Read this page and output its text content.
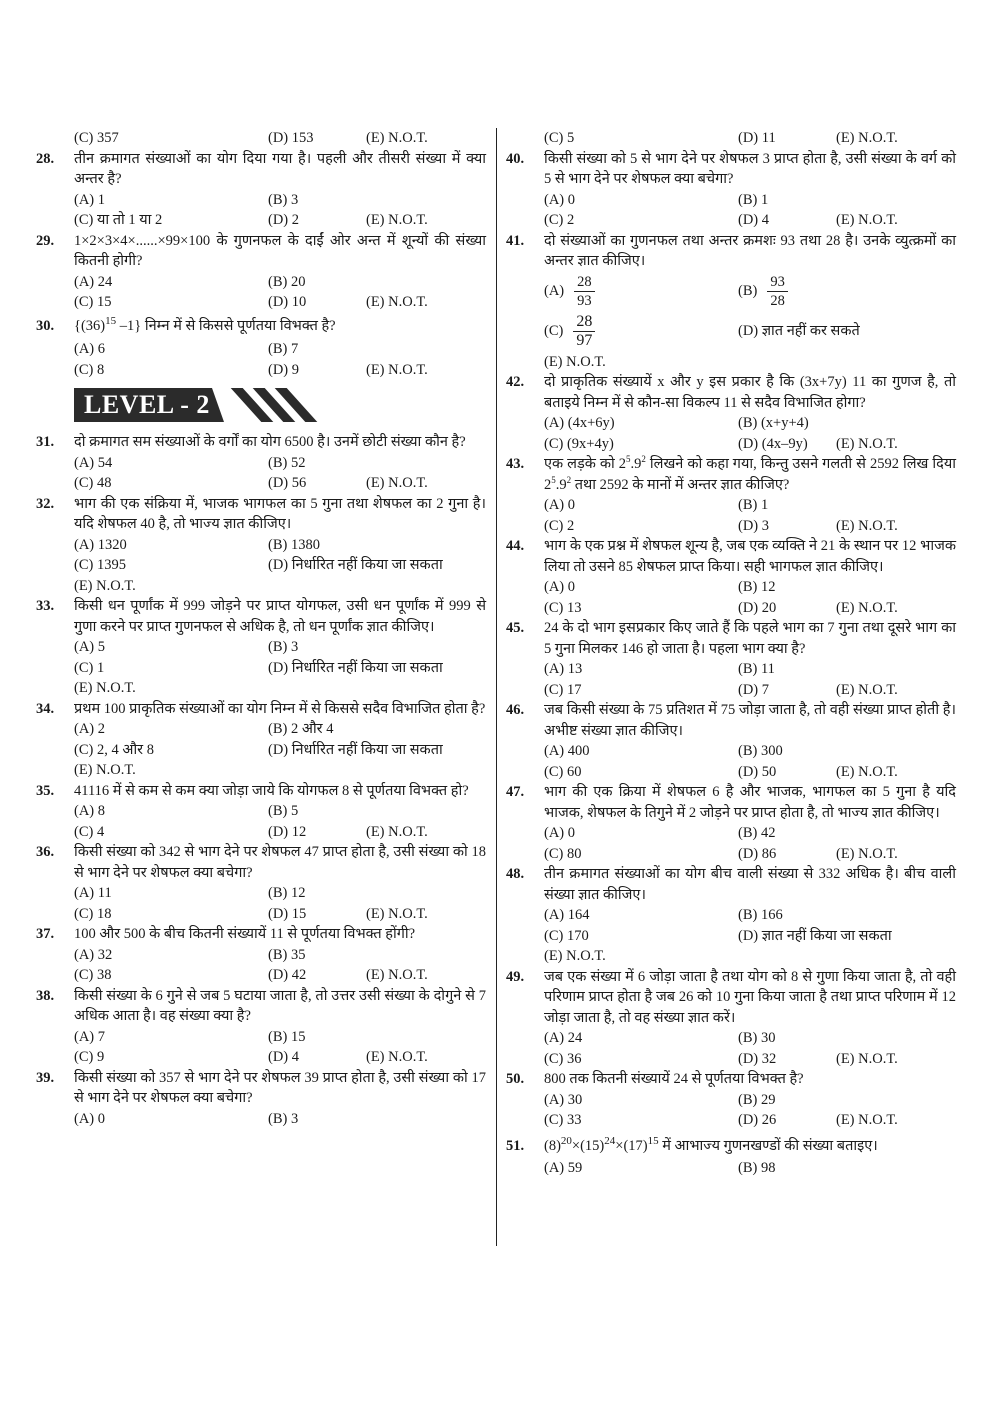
(C) 357	(D) 153	(E) N.O.T.
28. तीन क्रमागत संख्याओं का योग दिया गया है। पहली और तीसरी संख्या में क्या अन्तर है?
(A) 1	(B) 3
(C) या तो 1 या 2	(D) 2	(E) N.O.T.
29. 1×2×3×4×......×99×100 के गुणनफल के दाईं ओर अन्त में शून्यों की संख्या कितनी होगी?
(A) 24	(B) 20
(C) 15	(D) 10	(E) N.O.T.
30. {$(36)^{15}$ –1} निम्न में से किससे पूर्णतया विभक्त है?
(A) 6	(B) 7
(C) 8	(D) 9	(E) N.O.T.
LEVEL - 2
31. दो क्रमागत सम संख्याओं के वर्गों का योग 6500 है। उनमें छोटी संख्या कौन है?
(A) 54	(B) 52
(C) 48	(D) 56	(E) N.O.T.
32. भाग की एक संक्रिया में, भाजक भागफल का 5 गुना तथा शेषफल का 2 गुना है। यदि शेषफल 40 है, तो भाज्य ज्ञात कीजिए।
(A) 1320	(B) 1380
(C) 1395	(D) निर्धारित नहीं किया जा सकता
(E) N.O.T.
33. किसी धन पूर्णांक में 999 जोड़ने पर प्राप्त योगफल, उसी धन पूर्णांक में 999 से गुणा करने पर प्राप्त गुणनफल से अधिक है, तो धन पूर्णांक ज्ञात कीजिए।
(A) 5	(B) 3
(C) 1	(D) निर्धारित नहीं किया जा सकता
(E) N.O.T.
34. प्रथम 100 प्राकृतिक संख्याओं का योग निम्न में से किससे सदैव विभाजित होता है?
(A) 2	(B) 2 और 4
(C) 2, 4 और 8	(D) निर्धारित नहीं किया जा सकता
(E) N.O.T.
35. 41116 में से कम से कम क्या जोड़ा जाये कि योगफल 8 से पूर्णतया विभक्त हो?
(A) 8	(B) 5
(C) 4	(D) 12	(E) N.O.T.
36. किसी संख्या को 342 से भाग देने पर शेषफल 47 प्राप्त होता है, उसी संख्या को 18 से भाग देने पर शेषफल क्या बचेगा?
(A) 11	(B) 12
(C) 18	(D) 15	(E) N.O.T.
37. 100 और 500 के बीच कितनी संख्यायें 11 से पूर्णतया विभक्त होंगी?
(A) 32	(B) 35
(C) 38	(D) 42	(E) N.O.T.
38. किसी संख्या के 6 गुने से जब 5 घटाया जाता है, तो उत्तर उसी संख्या के दोगुने से 7 अधिक आता है। वह संख्या क्या है?
(A) 7	(B) 15
(C) 9	(D) 4	(E) N.O.T.
39. किसी संख्या को 357 से भाग देने पर शेषफल 39 प्राप्त होता है, उसी संख्या को 17 से भाग देने पर शेषफल क्या बचेगा?
(A) 0	(B) 3
(C) 5	(D) 11	(E) N.O.T.
40. किसी संख्या को 5 से भाग देने पर शेषफल 3 प्राप्त होता है, उसी संख्या के वर्ग को 5 से भाग देने पर शेषफल क्या बचेगा?
(A) 0	(B) 1
(C) 2	(D) 4	(E) N.O.T.
41. दो संख्याओं का गुणनफल तथा अन्तर क्रमशः 93 तथा 28 है। उनके व्युत्क्रमों का अन्तर ज्ञात कीजिए।
$(A) \frac{28}{93}$	$(B) \frac{93}{28}$
$(C) \frac{28}{97}$	(D) ज्ञात नहीं कर सकते
(E) N.O.T.
42. दो प्राकृतिक संख्यायें x और y इस प्रकार है कि (3x+7y) 11 का गुणज है, तो बताइये निम्न में से कौन-सा विकल्प 11 से सदैव विभाजित होगा?
(A) (4x+6y)	(B) (x+y+4)
(C) (9x+4y)	(D) (4x–9y)	(E) N.O.T.
43. एक लड़के को $2^5.9^2$ लिखने को कहा गया, किन्तु उसने गलती से 2592 लिख दिया $2^5.9^2$ तथा 2592 के मानों में अन्तर ज्ञात कीजिए?
(A) 0	(B) 1
(C) 2	(D) 3	(E) N.O.T.
44. भाग के एक प्रश्न में शेषफल शून्य है, जब एक व्यक्ति ने 21 के स्थान पर 12 भाजक लिया तो उसने 85 शेषफल प्राप्त किया। सही भागफल ज्ञात कीजिए।
(A) 0	(B) 12
(C) 13	(D) 20	(E) N.O.T.
45. 24 के दो भाग इसप्रकार किए जाते हैं कि पहले भाग का 7 गुना तथा दूसरे भाग का 5 गुना मिलकर 146 हो जाता है। पहला भाग क्या है?
(A) 13	(B) 11
(C) 17	(D) 7	(E) N.O.T.
46. जब किसी संख्या के 75 प्रतिशत में 75 जोड़ा जाता है, तो वही संख्या प्राप्त होती है। अभीष्ट संख्या ज्ञात कीजिए।
(A) 400	(B) 300
(C) 60	(D) 50	(E) N.O.T.
47. भाग की एक क्रिया में शेषफल 6 है और भाजक, भागफल का 5 गुना है यदि भाजक, शेषफल के तिगुने में 2 जोड़ने पर प्राप्त होता है, तो भाज्य ज्ञात कीजिए।
(A) 0	(B) 42
(C) 80	(D) 86	(E) N.O.T.
48. तीन क्रमागत संख्याओं का योग बीच वाली संख्या से 332 अधिक है। बीच वाली संख्या ज्ञात कीजिए।
(A) 164	(B) 166
(C) 170	(D) ज्ञात नहीं किया जा सकता
(E) N.O.T.
49. जब एक संख्या में 6 जोड़ा जाता है तथा योग को 8 से गुणा किया जाता है, तो वही परिणाम प्राप्त होता है जब 26 को 10 गुना किया जाता है तथा प्राप्त परिणाम में 12 जोड़ा जाता है, तो वह संख्या ज्ञात करें।
(A) 24	(B) 30
(C) 36	(D) 32	(E) N.O.T.
50. 800 तक कितनी संख्यायें 24 से पूर्णतया विभक्त है?
(A) 30	(B) 29
(C) 33	(D) 26	(E) N.O.T.
51. $(8)^{20}\times(15)^{24}\times(17)^{15}$ में आभाज्य गुणनखण्डों की संख्या बताइए।
(A) 59	(B) 98
